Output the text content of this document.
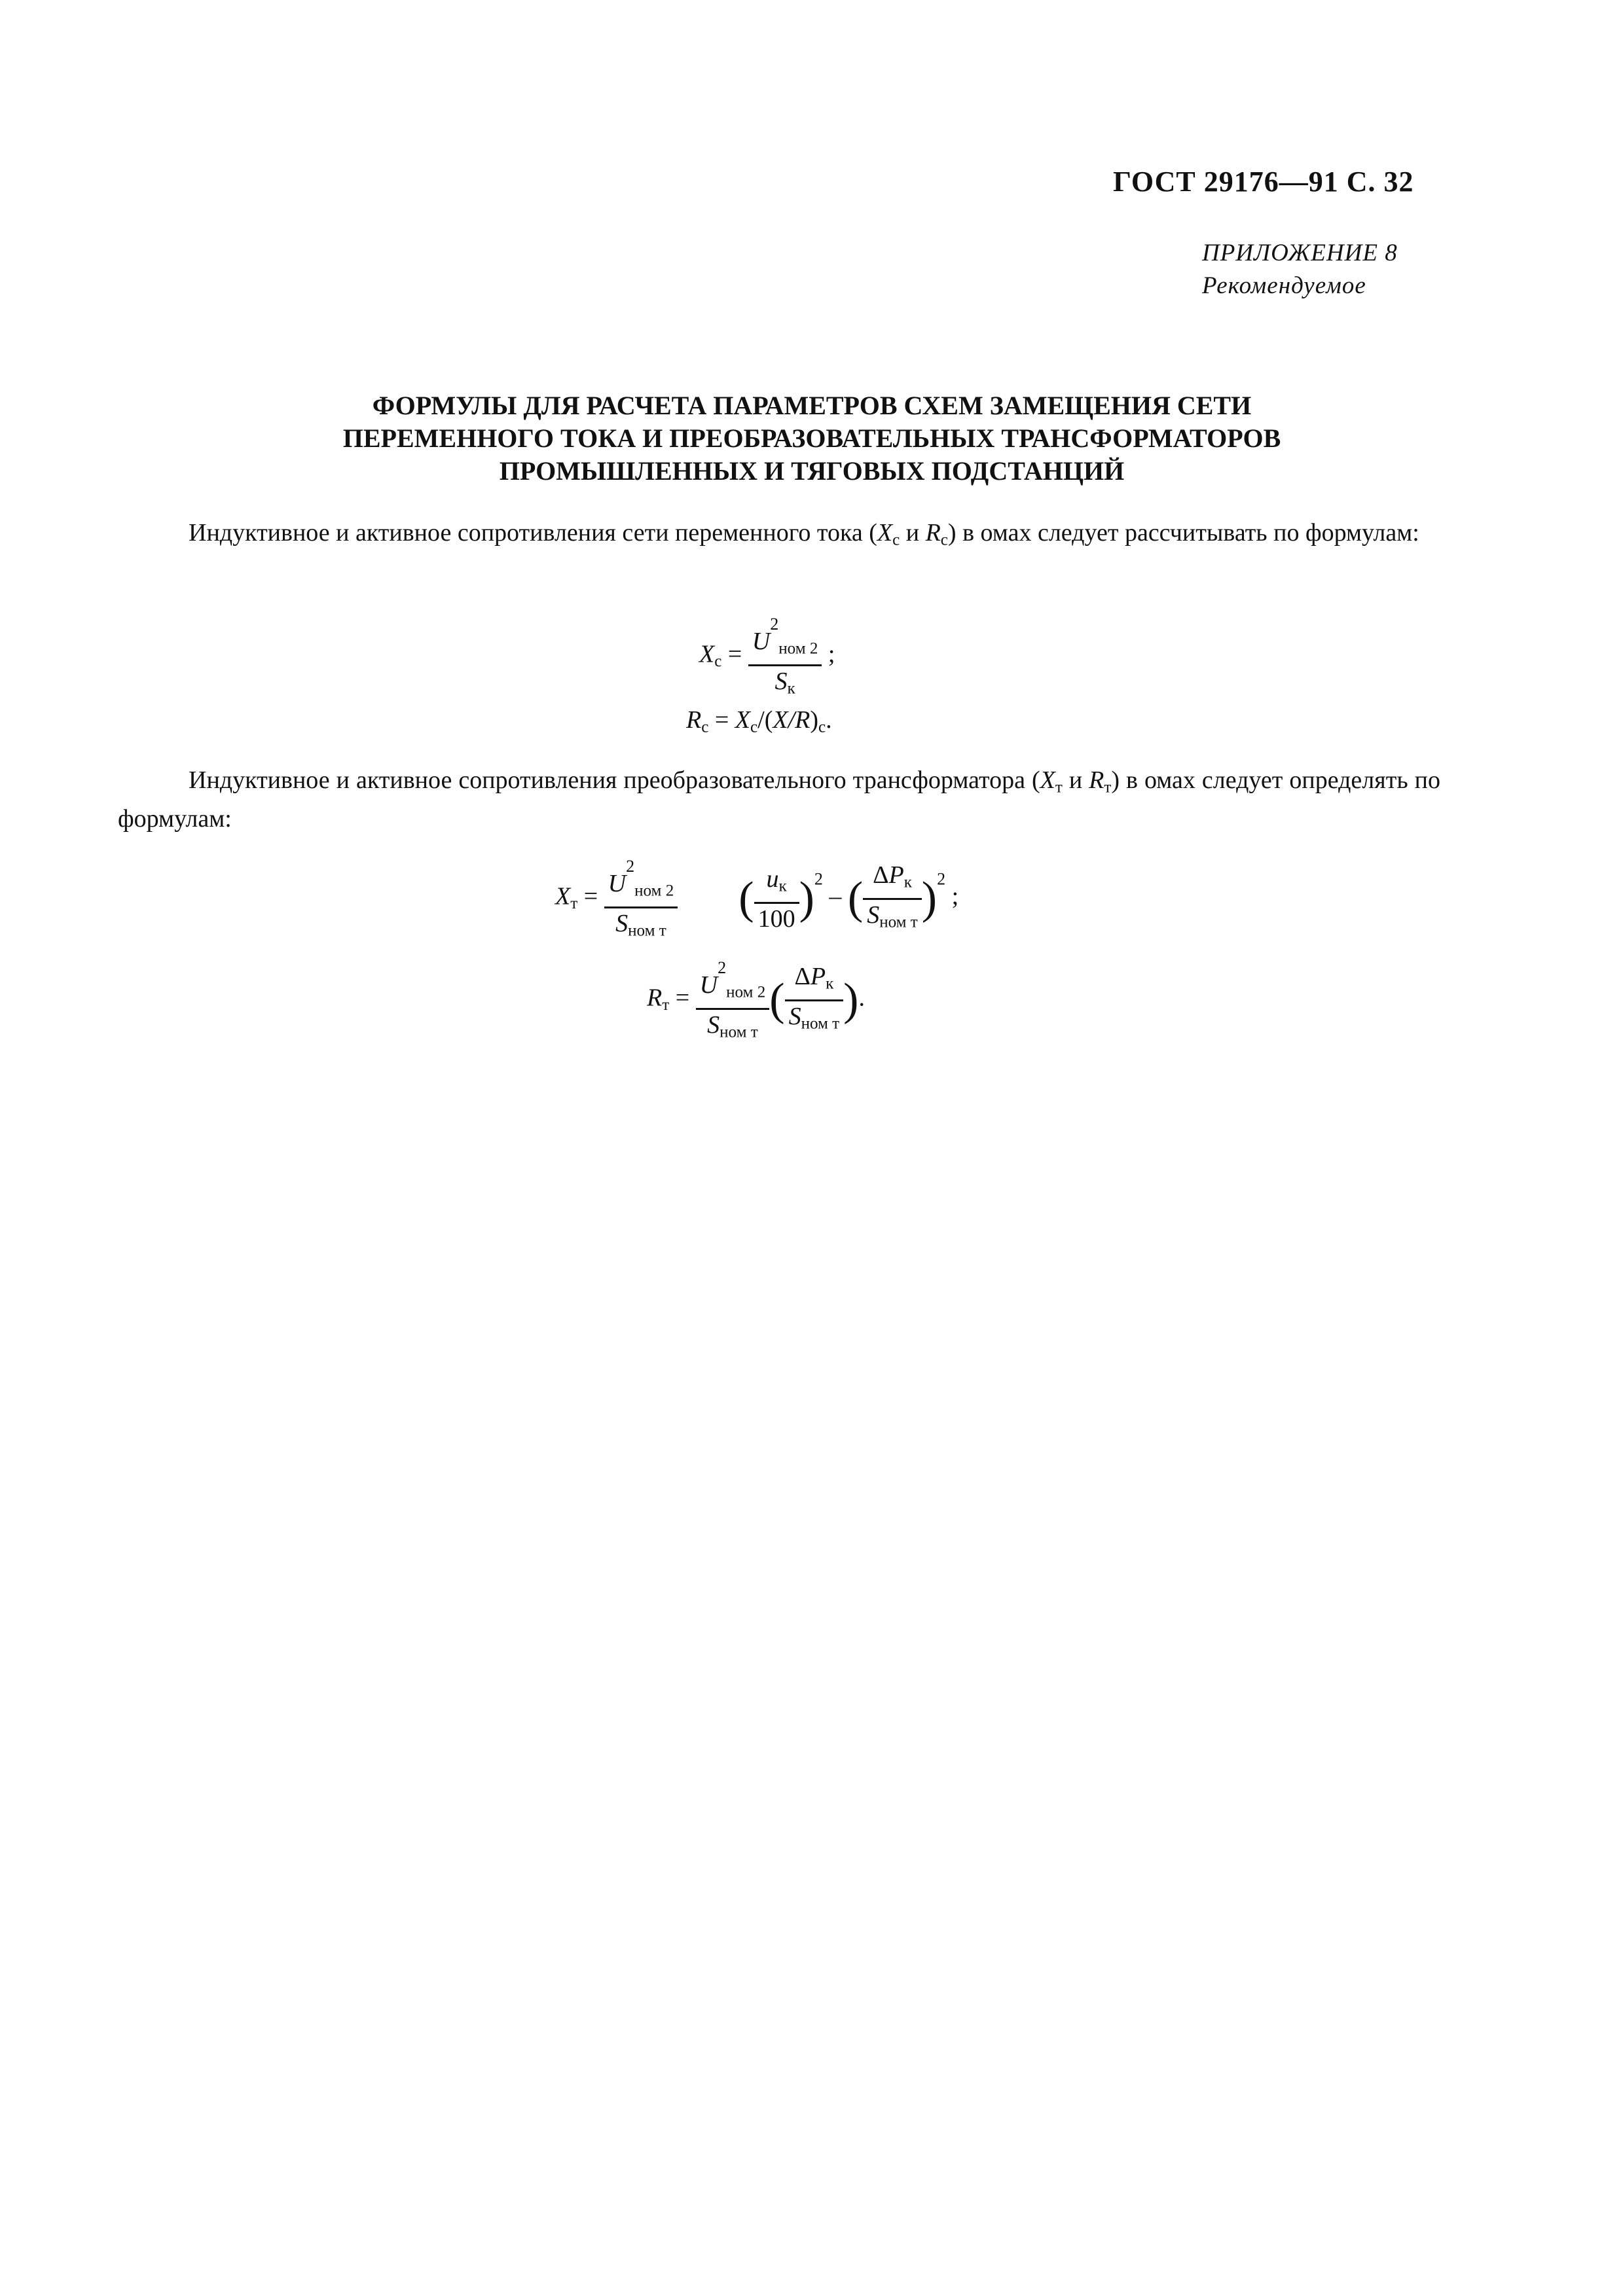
ГОСТ 29176—91 С. 32
ПРИЛОЖЕНИЕ 8
Рекомендуемое
ФОРМУЛЫ ДЛЯ РАСЧЕТА ПАРАМЕТРОВ СХЕМ ЗАМЕЩЕНИЯ СЕТИ
ПЕРЕМЕННОГО ТОКА И ПРЕОБРАЗОВАТЕЛЬНЫХ ТРАНСФОРМАТОРОВ
ПРОМЫШЛЕННЫХ И ТЯГОВЫХ ПОДСТАНЦИЙ
Индуктивное и активное сопротивления сети переменного тока ($X_c$ и $R_c$) в омах следует рассчитывать по формулам:
$X_c = \frac{U^2_{ном 2}}{S_к}$ ;
$R_c = X_c/(X/R)_c$.
Индуктивное и активное сопротивления преобразовательного трансформатора ($X_т$ и $R_т$) в омах следует определять по формулам:
$X_т = \frac{U^2_{ном 2}}{S_{ном т}}$ ( $\frac{u_к}{100} )^2$ – ( $\frac{\Delta P_к}{S_{ном т}} )^2$ ;
$R_т = \frac{U^2_{ном 2}}{S_{ном т}}$ ( $\frac{\Delta P_к}{S_{ном т}}$ ).
